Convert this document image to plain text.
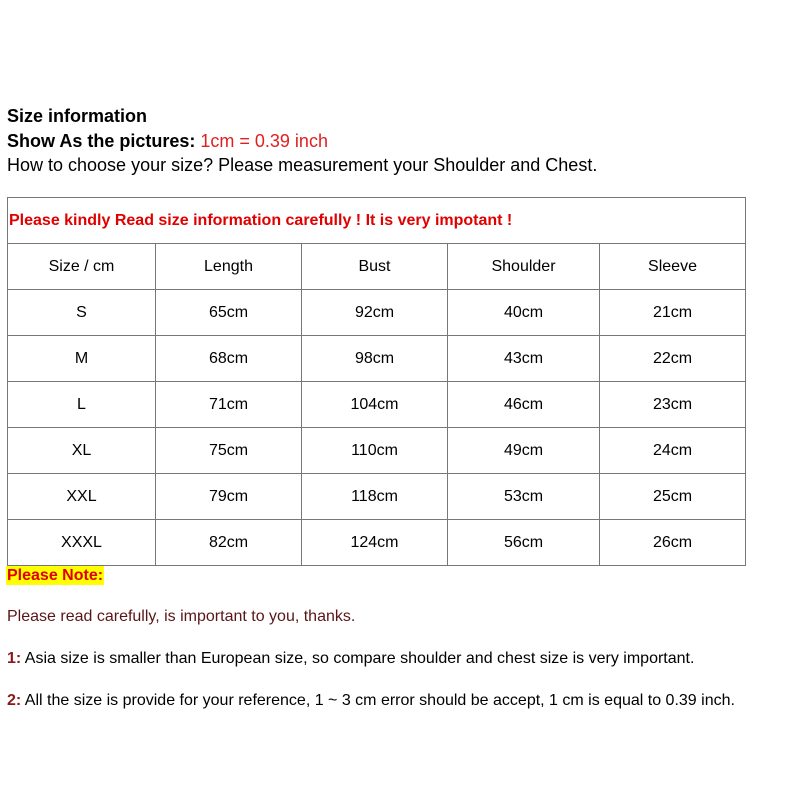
Size information
Show As the pictures: 1cm = 0.39 inch
How to choose your size? Please measurement your Shoulder and Chest.
Please kindly Read size information carefully ! It is very impotant !				
Size / cm	Length	Bust	Shoulder	Sleeve
S	65cm	92cm	40cm	21cm
M	68cm	98cm	43cm	22cm
L	71cm	104cm	46cm	23cm
XL	75cm	110cm	49cm	24cm
XXL	79cm	118cm	53cm	25cm
XXXL	82cm	124cm	56cm	26cm
Please Note:
Please read carefully, is important to you, thanks.
1: Asia size is smaller than European size, so compare shoulder and chest size is very important.
2: All the size is provide for your reference, 1 ~ 3 cm error should be accept, 1 cm is equal to 0.39 inch.
